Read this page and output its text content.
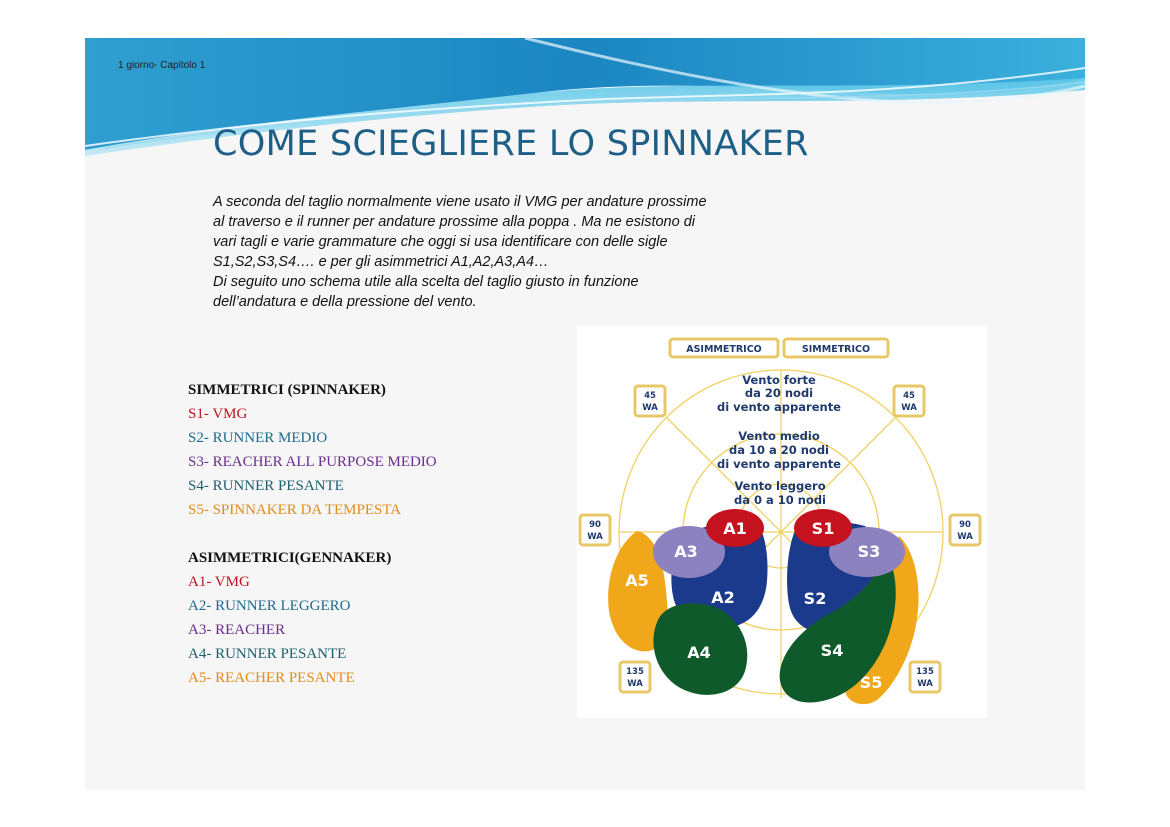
1 giorno- Capitolo 1
COME SCIEGLIERE LO SPINNAKER

A seconda del taglio normalmente viene usato il VMG per andature prossime

al traverso e il runner per andature prossime alla poppa . Ma ne esistono di

vari tagli e varie grammature che oggi si usa identificare con delle sigle

S1,S2,S3,S4…. e per gli asimmetrici A1,A2,A3,A4…

Di seguito uno schema utile alla scelta del taglio giusto in funzione

dell’andatura e della pressione del vento.

SIMMETRICI (SPINNAKER)
S1- VMG
S2- RUNNER MEDIO
S3- REACHER ALL PURPOSE MEDIO
S4- RUNNER PESANTE
S5- SPINNAKER DA TEMPESTA
ASIMMETRICI(GENNAKER)
A1- VMG
A2- RUNNER LEGGERO
A3- REACHER
A4- RUNNER PESANTE
A5- REACHER PESANTE
ASIMMETRICO	SIMMETRICO
Vento forte
da 20 nodi
di vento apparente
Vento medio
da 10 a 20 nodi
di vento apparente
Vento leggero
da 0 a 10 nodi
45
WA
45
WA
90
WA
90
WA
135
WA
135
WA
A5
A2
A3
A1
A4
S5
S2
S4
S3
S1
